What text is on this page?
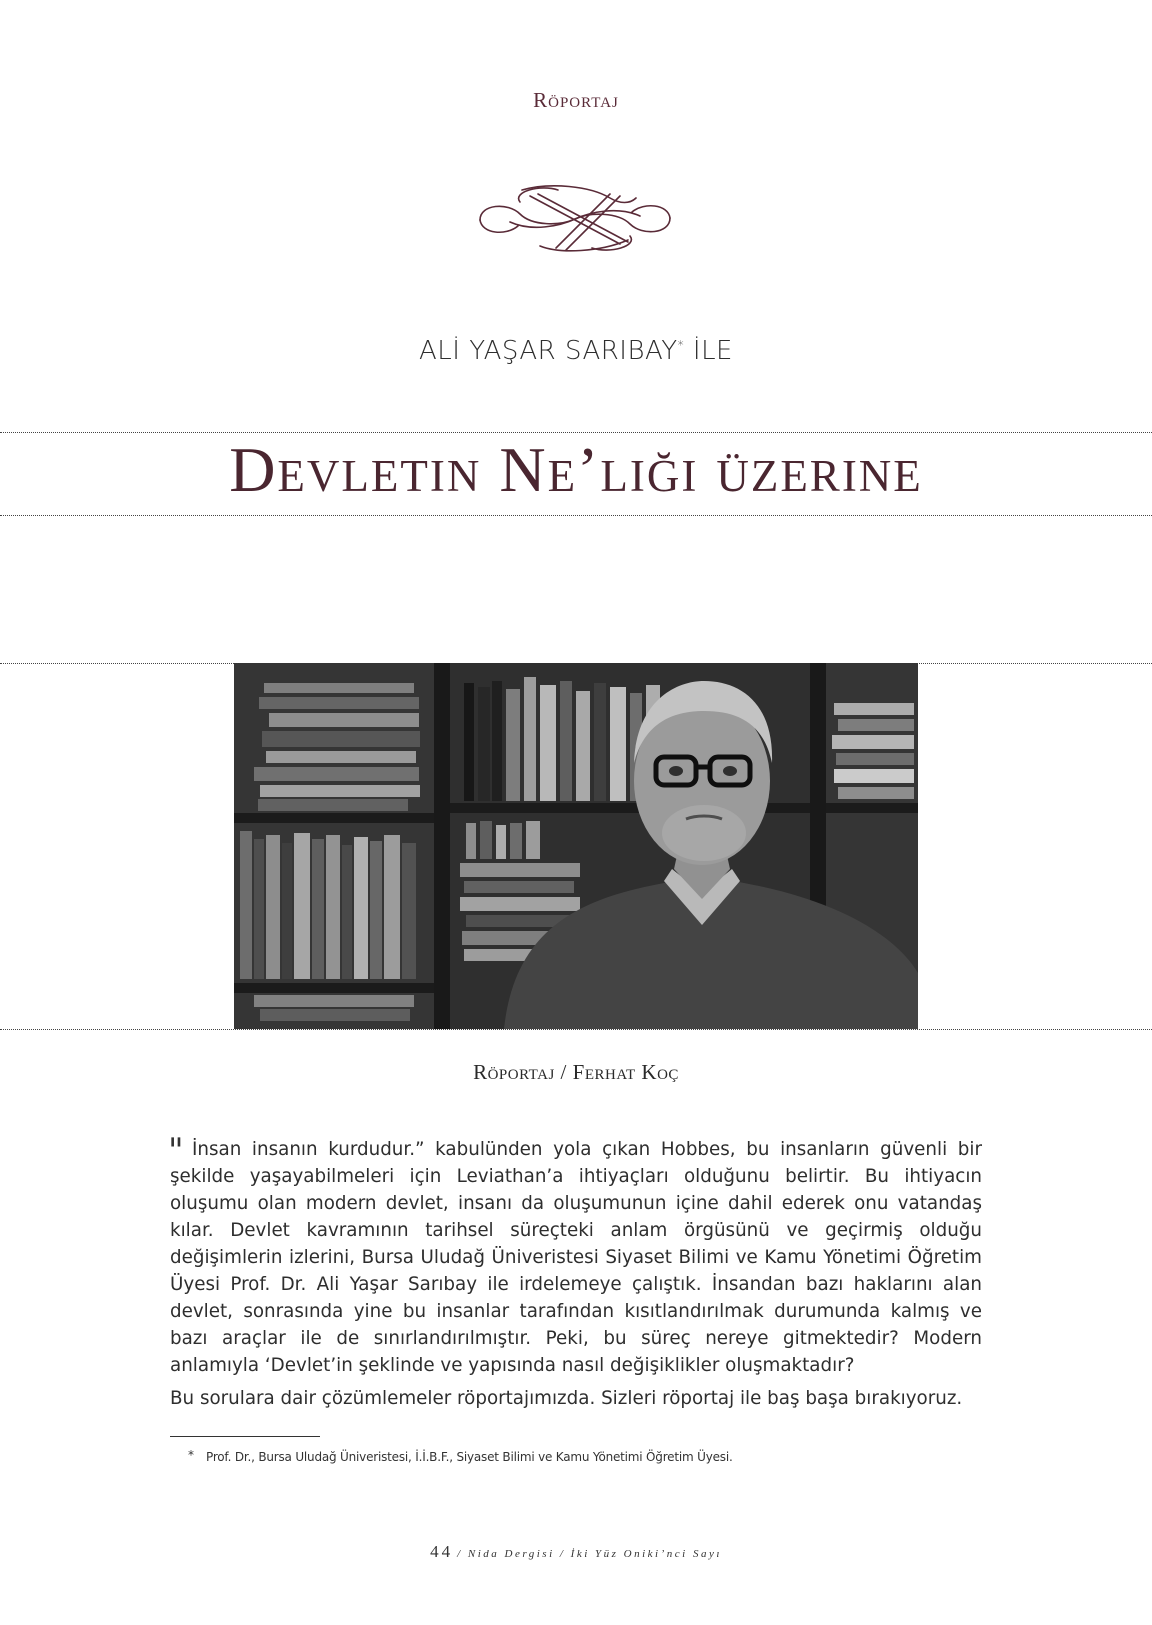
Röportaj
ALİ YAŞAR SARIBAY* İLE
Devletin Ne’liği üzerine
Röportaj / Ferhat Koç
" İnsan insanın kurdudur.” kabulünden yola çıkan Hobbes, bu insanların güvenli bir şekilde yaşayabilmeleri için Leviathan’a ihtiyaçları olduğunu belirtir. Bu ihtiyacın oluşumu olan modern devlet, insanı da oluşumunun içine dahil ederek onu vatandaş kılar. Devlet kavramının tarihsel süreçteki anlam örgüsünü ve geçirmiş olduğu değişimlerin izlerini, Bursa Uludağ Üniveristesi Siyaset Bilimi ve Kamu Yönetimi Öğretim Üyesi Prof. Dr. Ali Yaşar Sarıbay ile irdelemeye çalıştık. İnsandan bazı haklarını alan devlet, sonrasında yine bu insanlar tarafından kısıtlandırılmak durumunda kalmış ve bazı araçlar ile de sınırlandırılmıştır. Peki, bu süreç nereye gitmektedir? Modern anlamıyla ‘Devlet’in şeklinde ve yapısında nasıl değişiklikler oluşmaktadır?

Bu sorulara dair çözümlemeler röportajımızda. Sizleri röportaj ile baş başa bırakıyoruz.

* Prof. Dr., Bursa Uludağ Üniveristesi, İ.İ.B.F., Siyaset Bilimi ve Kamu Yönetimi Öğretim Üyesi.
44 / Nida Dergisi / İki Yüz Oniki’nci Sayı
